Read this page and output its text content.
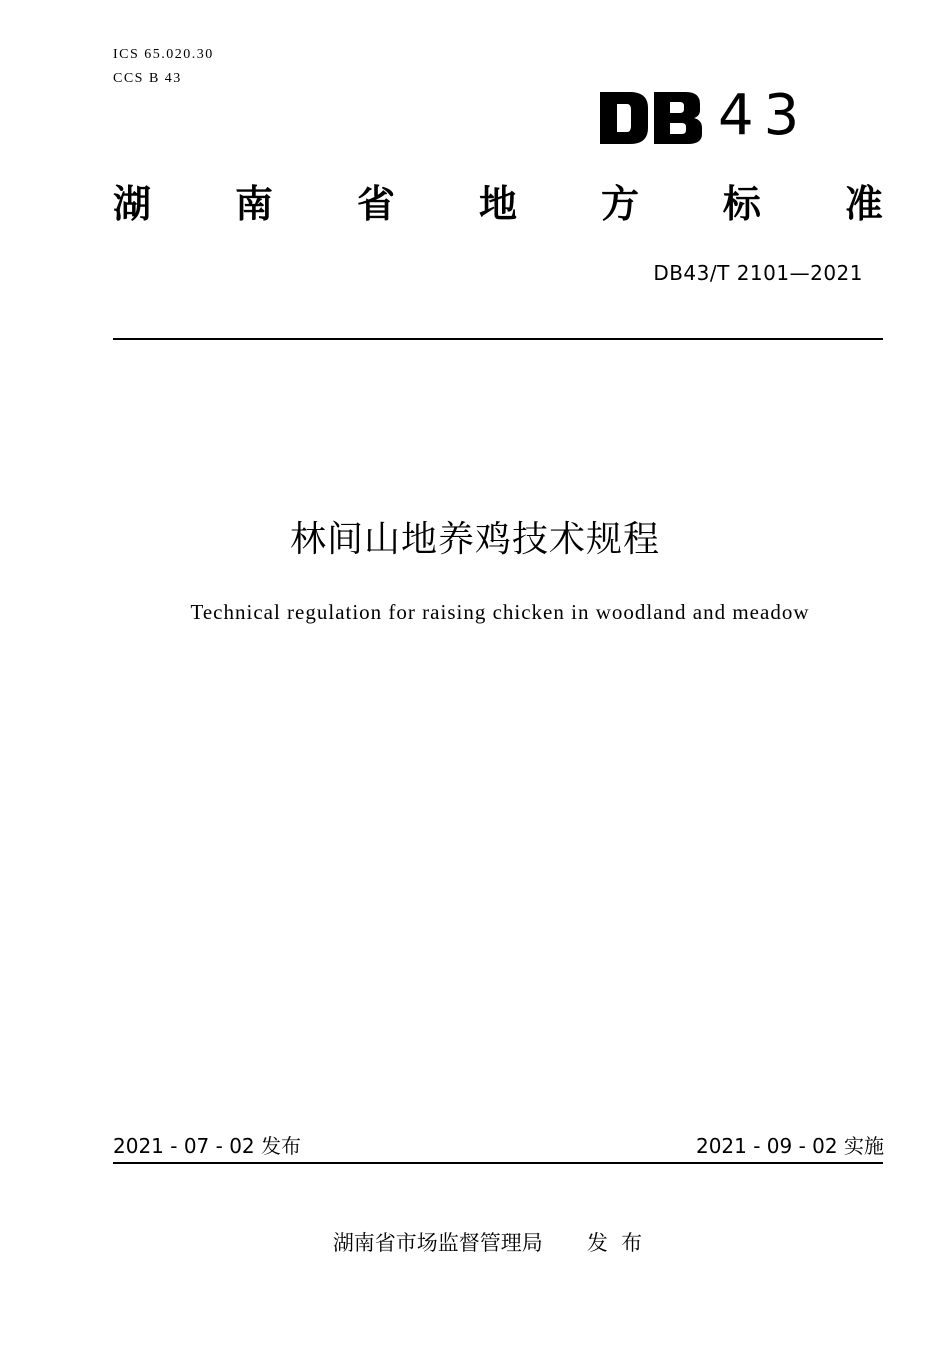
ICS 65.020.30
CCS B 43
43
湖 南 省 地 方 标 准
DB43/T 2101—2021
林间山地养鸡技术规程
Technical regulation for raising chicken in woodland and meadow
2021 - 07 - 02 发布	2021 - 09 - 02 实施
湖南省市场监督管理局 发  布
